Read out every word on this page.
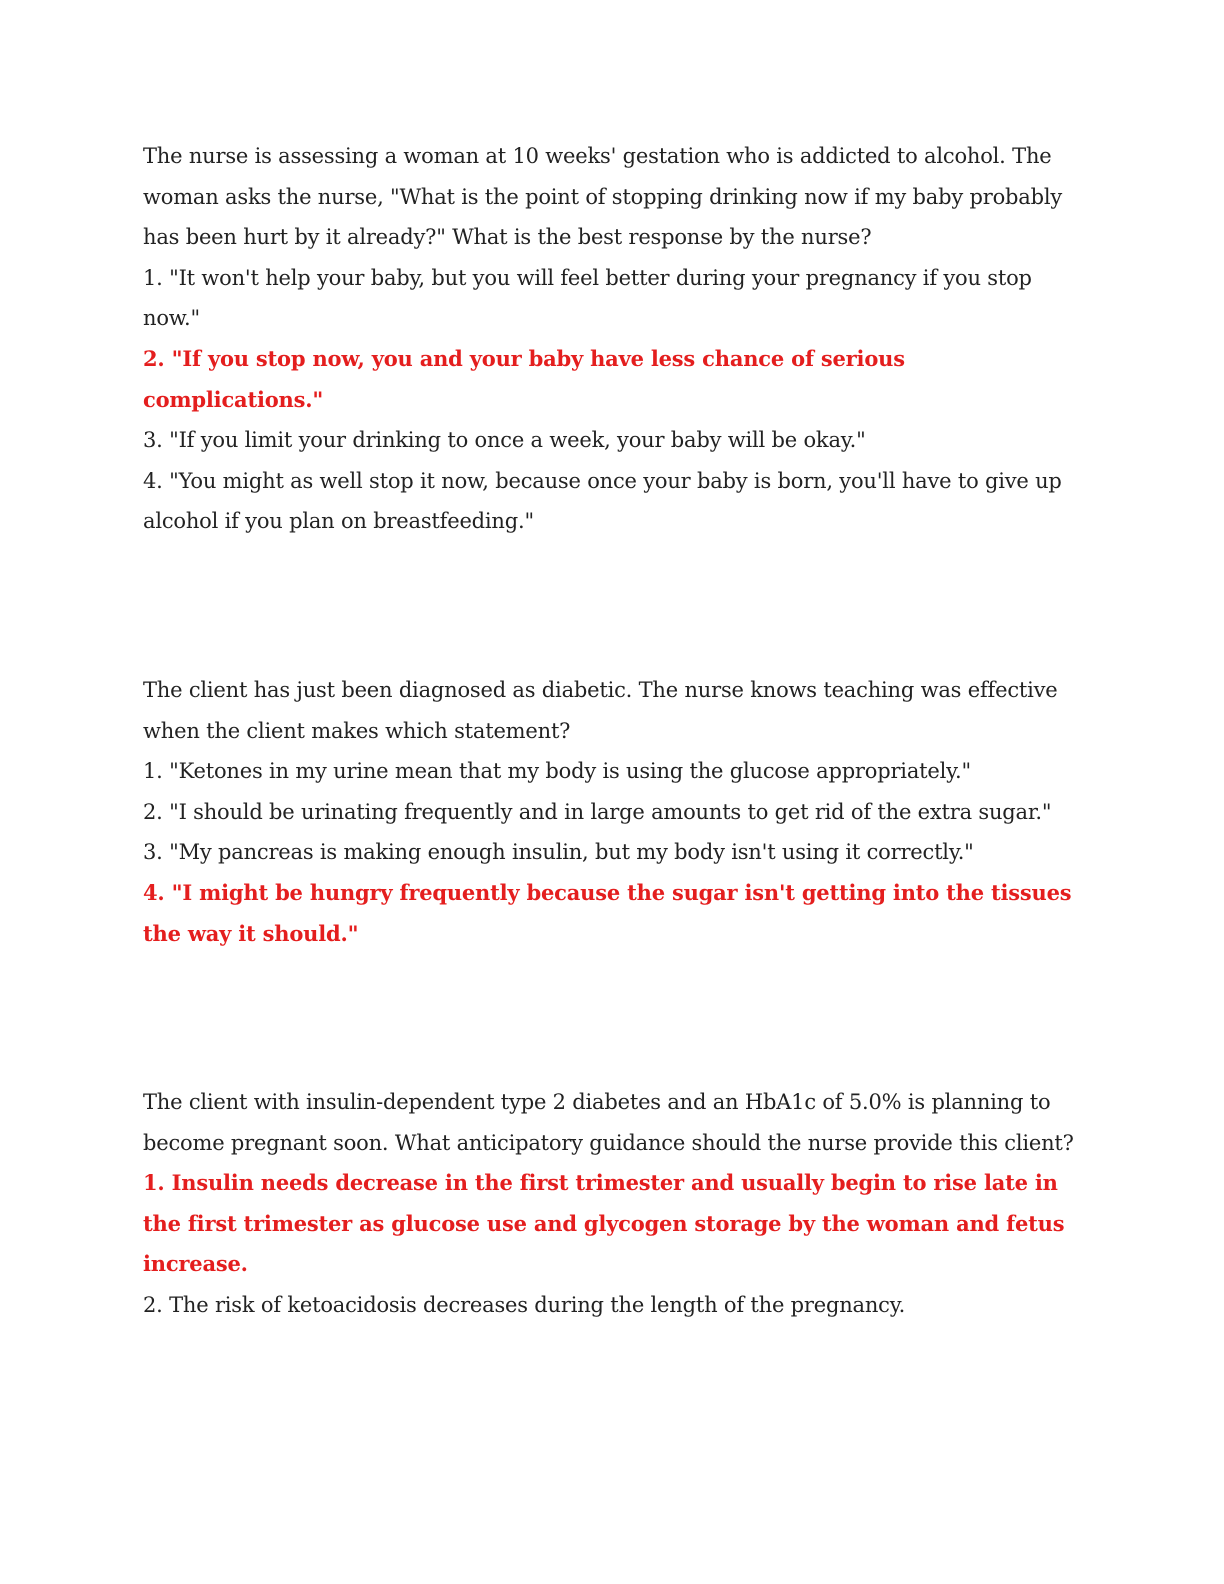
The nurse is assessing a woman at 10 weeks' gestation who is addicted to alcohol. The woman asks the nurse, "What is the point of stopping drinking now if my baby probably has been hurt by it already?" What is the best response by the nurse?

1. "It won't help your baby, but you will feel better during your pregnancy if you stop now."

2. "If you stop now, you and your baby have less chance of serious complications."

3. "If you limit your drinking to once a week, your baby will be okay."

4. "You might as well stop it now, because once your baby is born, you'll have to give up alcohol if you plan on breastfeeding."

The client has just been diagnosed as diabetic. The nurse knows teaching was effective when the client makes which statement?

1. "Ketones in my urine mean that my body is using the glucose appropriately."

2. "I should be urinating frequently and in large amounts to get rid of the extra sugar."

3. "My pancreas is making enough insulin, but my body isn't using it correctly."

4. "I might be hungry frequently because the sugar isn't getting into the tissues the way it should."

The client with insulin-dependent type 2 diabetes and an HbA1c of 5.0% is planning to become pregnant soon. What anticipatory guidance should the nurse provide this client?

1. Insulin needs decrease in the first trimester and usually begin to rise late in the first trimester as glucose use and glycogen storage by the woman and fetus increase.

2. The risk of ketoacidosis decreases during the length of the pregnancy.
